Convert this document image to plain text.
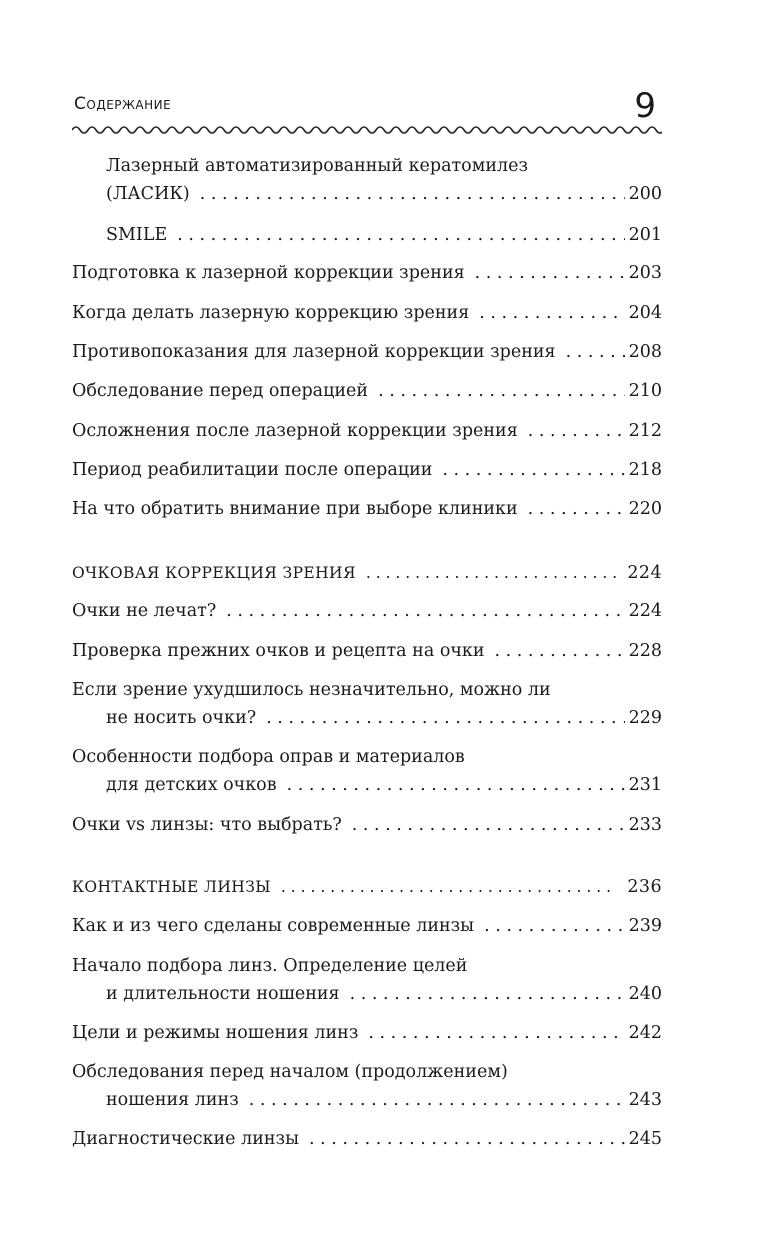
Содержание	9
Лазерный автоматизированный кератомилез
(ЛАСИК) . . .	200
SMILE . . .	201
Подготовка к лазерной коррекции зрения . . .	203
Когда делать лазерную коррекцию зрения . . .	204
Противопоказания для лазерной коррекции зрения . . .	208
Обследование перед операцией . . .	210
Осложнения после лазерной коррекции зрения . . .	212
Период реабилитации после операции . . .	218
На что обратить внимание при выборе клиники . . .	220
ОЧКОВАЯ КОРРЕКЦИЯ ЗРЕНИЯ . . .	224
Очки не лечат? . . .	224
Проверка прежних очков и рецепта на очки . . .	228
Если зрение ухудшилось незначительно, можно ли
не носить очки? . . .	229
Особенности подбора оправ и материалов
для детских очков . . .	231
Очки vs линзы: что выбрать? . . .	233
КОНТАКТНЫЕ ЛИНЗЫ . . .	236
Как и из чего сделаны современные линзы . . .	239
Начало подбора линз. Определение целей
и длительности ношения . . .	240
Цели и режимы ношения линз . . .	242
Обследования перед началом (продолжением)
ношения линз . . .	243
Диагностические линзы . . .	245
